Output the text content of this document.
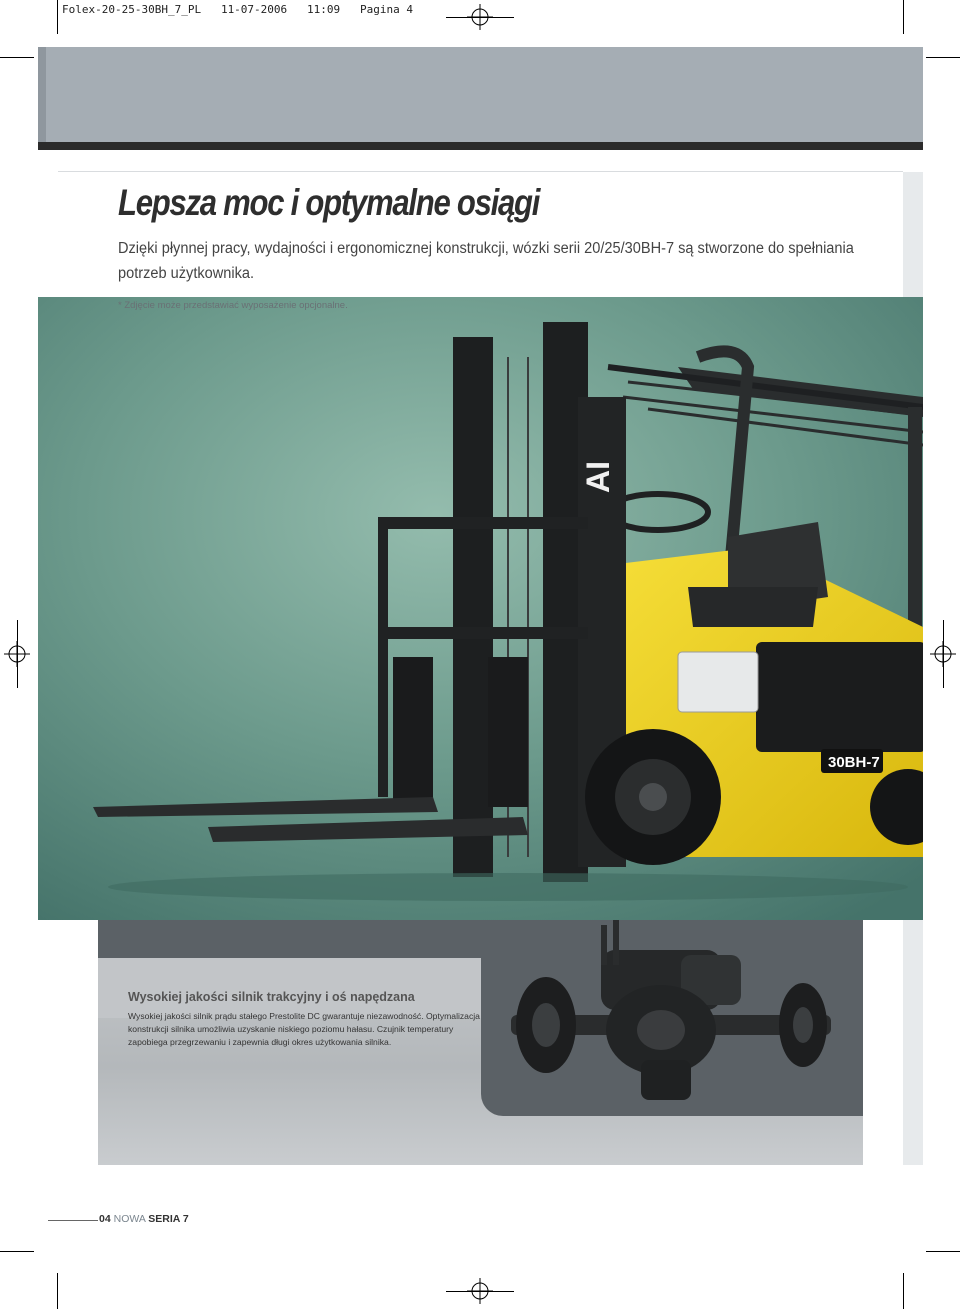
Folex-20-25-30BH_7_PL   11-07-2006   11:09   Pagina 4
Lepsza moc i optymalne osiągi
Dzięki płynnej pracy, wydajności i ergonomicznej konstrukcji, wózki serii 20/25/30BH-7 są stworzone do spełniania potrzeb użytkownika.
30BH-7
AI
* Zdjęcie może przedstawiać wyposażenie opcjonalne.
Wysokiej jakości silnik trakcyjny i oś napędzana
Wysokiej jakości silnik prądu stałego Prestolite DC gwarantuje niezawodność. Optymalizacja konstrukcji silnika umożliwia uzyskanie niskiego poziomu hałasu. Czujnik temperatury zapobiega przegrzewaniu i zapewnia długi okres użytkowania silnika.
04 NOWA SERIA 7
